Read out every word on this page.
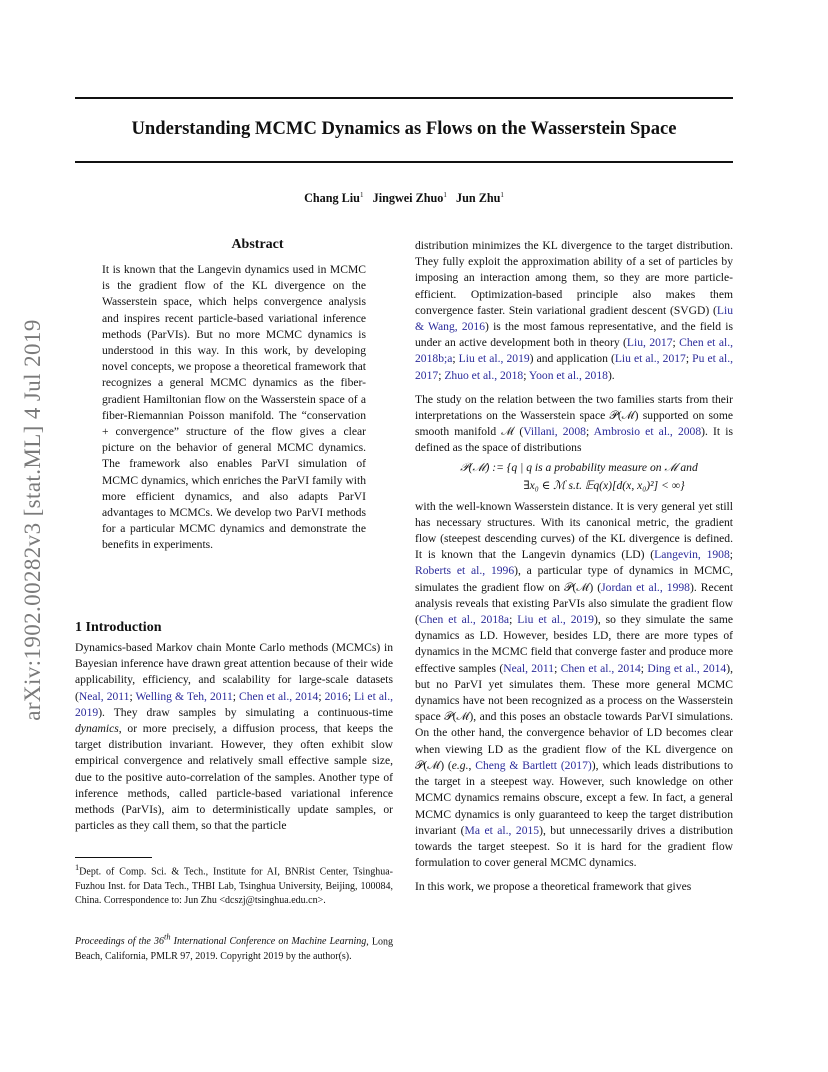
Understanding MCMC Dynamics as Flows on the Wasserstein Space
Chang Liu$^1$ Jingwei Zhuo$^1$ Jun Zhu$^1$
arXiv:1902.00282v3 [stat.ML] 4 Jul 2019
Abstract
It is known that the Langevin dynamics used in MCMC is the gradient flow of the KL divergence on the Wasserstein space, which helps convergence analysis and inspires recent particle-based variational inference methods (ParVIs). But no more MCMC dynamics is understood in this way. In this work, by developing novel concepts, we propose a theoretical framework that recognizes a general MCMC dynamics as the fiber-gradient Hamiltonian flow on the Wasserstein space of a fiber-Riemannian Poisson manifold. The “conservation + convergence” structure of the flow gives a clear picture on the behavior of general MCMC dynamics. The framework also enables ParVI simulation of MCMC dynamics, which enriches the ParVI family with more efficient dynamics, and also adapts ParVI advantages to MCMCs. We develop two ParVI methods for a particular MCMC dynamics and demonstrate the benefits in experiments.
1 Introduction
Dynamics-based Markov chain Monte Carlo methods (MCMCs) in Bayesian inference have drawn great attention because of their wide applicability, efficiency, and scalability for large-scale datasets (Neal, 2011; Welling & Teh, 2011; Chen et al., 2014; 2016; Li et al., 2019). They draw samples by simulating a continuous-time dynamics, or more precisely, a diffusion process, that keeps the target distribution invariant. However, they often exhibit slow empirical convergence and relatively small effective sample size, due to the positive auto-correlation of the samples. Another type of inference methods, called particle-based variational inference methods (ParVIs), aim to deterministically update samples, or particles as they call them, so that the particle
$^1$Dept. of Comp. Sci. & Tech., Institute for AI, BNRist Center, Tsinghua-Fuzhou Inst. for Data Tech., THBI Lab, Tsinghua University, Beijing, 100084, China. Correspondence to: Jun Zhu <dcszj@tsinghua.edu.cn>.
Proceedings of the 36th International Conference on Machine Learning, Long Beach, California, PMLR 97, 2019. Copyright 2019 by the author(s).

distribution minimizes the KL divergence to the target distribution. They fully exploit the approximation ability of a set of particles by imposing an interaction among them, so they are more particle-efficient. Optimization-based principle also makes them convergence faster. Stein variational gradient descent (SVGD) (Liu & Wang, 2016) is the most famous representative, and the field is under an active development both in theory (Liu, 2017; Chen et al., 2018b;a; Liu et al., 2019) and application (Liu et al., 2017; Pu et al., 2017; Zhuo et al., 2018; Yoon et al., 2018).

The study on the relation between the two families starts from their interpretations on the Wasserstein space 𝒫(ℳ) supported on some smooth manifold ℳ (Villani, 2008; Ambrosio et al., 2008). It is defined as the space of distributions

𝒫(ℳ) := {q | q is a probability measure on ℳ and
∃x₀ ∈ ℳ s.t. 𝔼q(x)[d(x, x₀)²] < ∞}

with the well-known Wasserstein distance. It is very general yet still has necessary structures. With its canonical metric, the gradient flow (steepest descending curves) of the KL divergence is defined. It is known that the Langevin dynamics (LD) (Langevin, 1908; Roberts et al., 1996), a particular type of dynamics in MCMC, simulates the gradient flow on 𝒫(ℳ) (Jordan et al., 1998). Recent analysis reveals that existing ParVIs also simulate the gradient flow (Chen et al., 2018a; Liu et al., 2019), so they simulate the same dynamics as LD. However, besides LD, there are more types of dynamics in the MCMC field that converge faster and produce more effective samples (Neal, 2011; Chen et al., 2014; Ding et al., 2014), but no ParVI yet simulates them. These more general MCMC dynamics have not been recognized as a process on the Wasserstein space 𝒫(ℳ), and this poses an obstacle towards ParVI simulations. On the other hand, the convergence behavior of LD becomes clear when viewing LD as the gradient flow of the KL divergence on 𝒫(ℳ) (e.g., Cheng & Bartlett (2017)), which leads distributions to the target in a steepest way. However, such knowledge on other MCMC dynamics remains obscure, except a few. In fact, a general MCMC dynamics is only guaranteed to keep the target distribution invariant (Ma et al., 2015), but unnecessarily drives a distribution towards the target steepest. So it is hard for the gradient flow formulation to cover general MCMC dynamics.

In this work, we propose a theoretical framework that gives
